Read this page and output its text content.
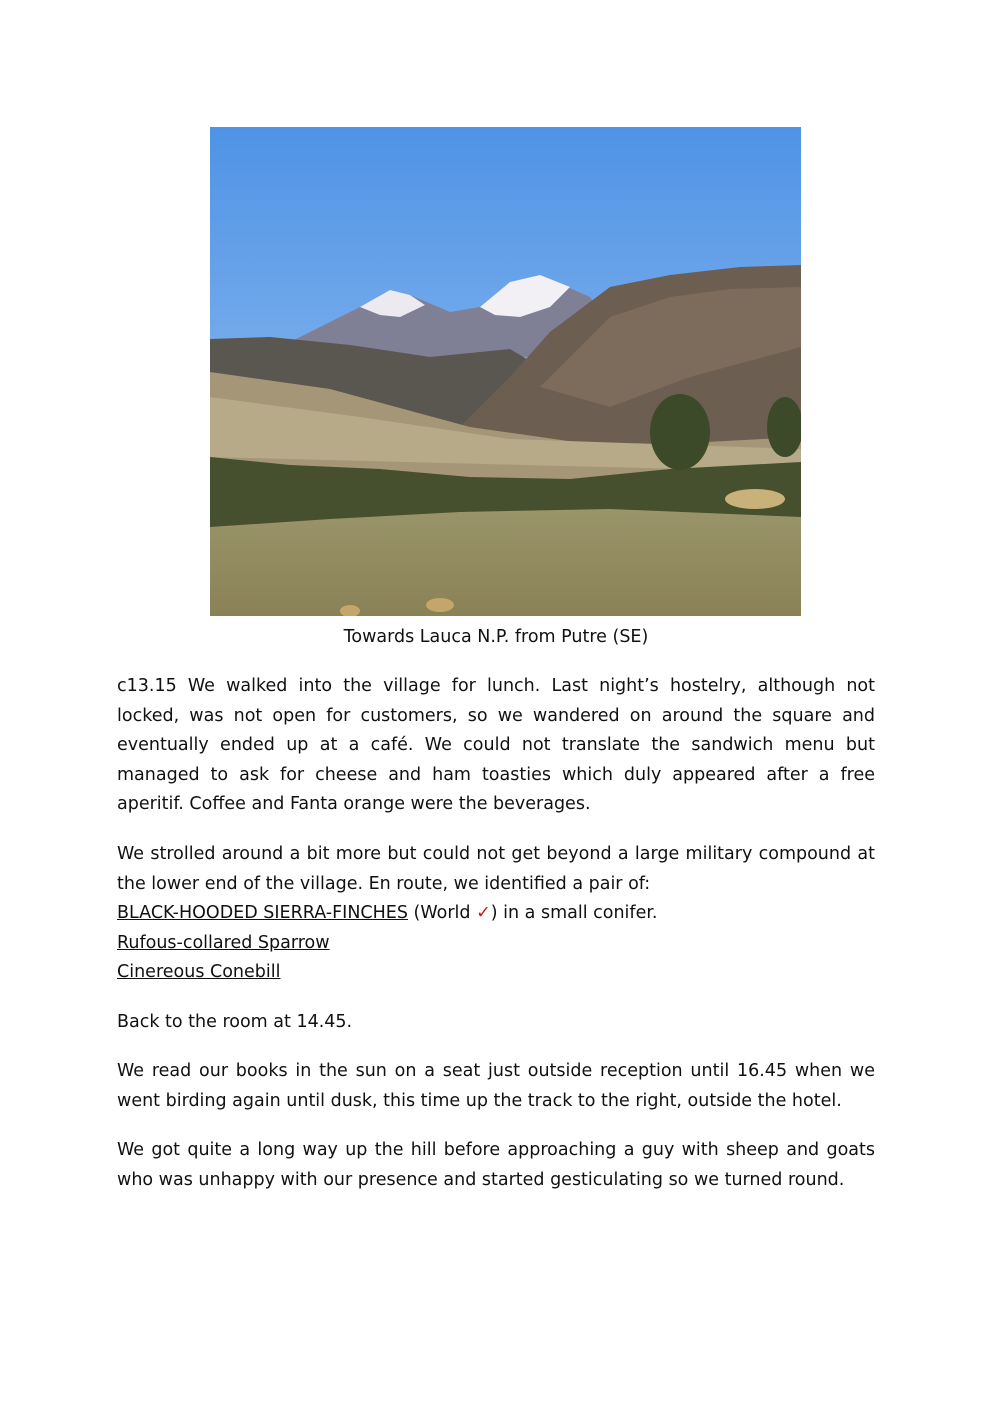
Towards Lauca N.P. from Putre (SE)

c13.15 We walked into the village for lunch. Last night’s hostelry, although not locked, was not open for customers, so we wandered on around the square and eventually ended up at a café. We could not translate the sandwich menu but managed to ask for cheese and ham toasties which duly appeared after a free aperitif. Coffee and Fanta orange were the beverages.

We strolled around a bit more but could not get beyond a large military compound at
the lower end of the village. En route, we identified a pair of:
BLACK-HOODED SIERRA-FINCHES (World ✓) in a small conifer.
Rufous-collared Sparrow
Cinereous Conebill

Back to the room at 14.45.

We read our books in the sun on a seat just outside reception until 16.45 when we went birding again until dusk, this time up the track to the right, outside the hotel.

We got quite a long way up the hill before approaching a guy with sheep and goats who was unhappy with our presence and started gesticulating so we turned round.
